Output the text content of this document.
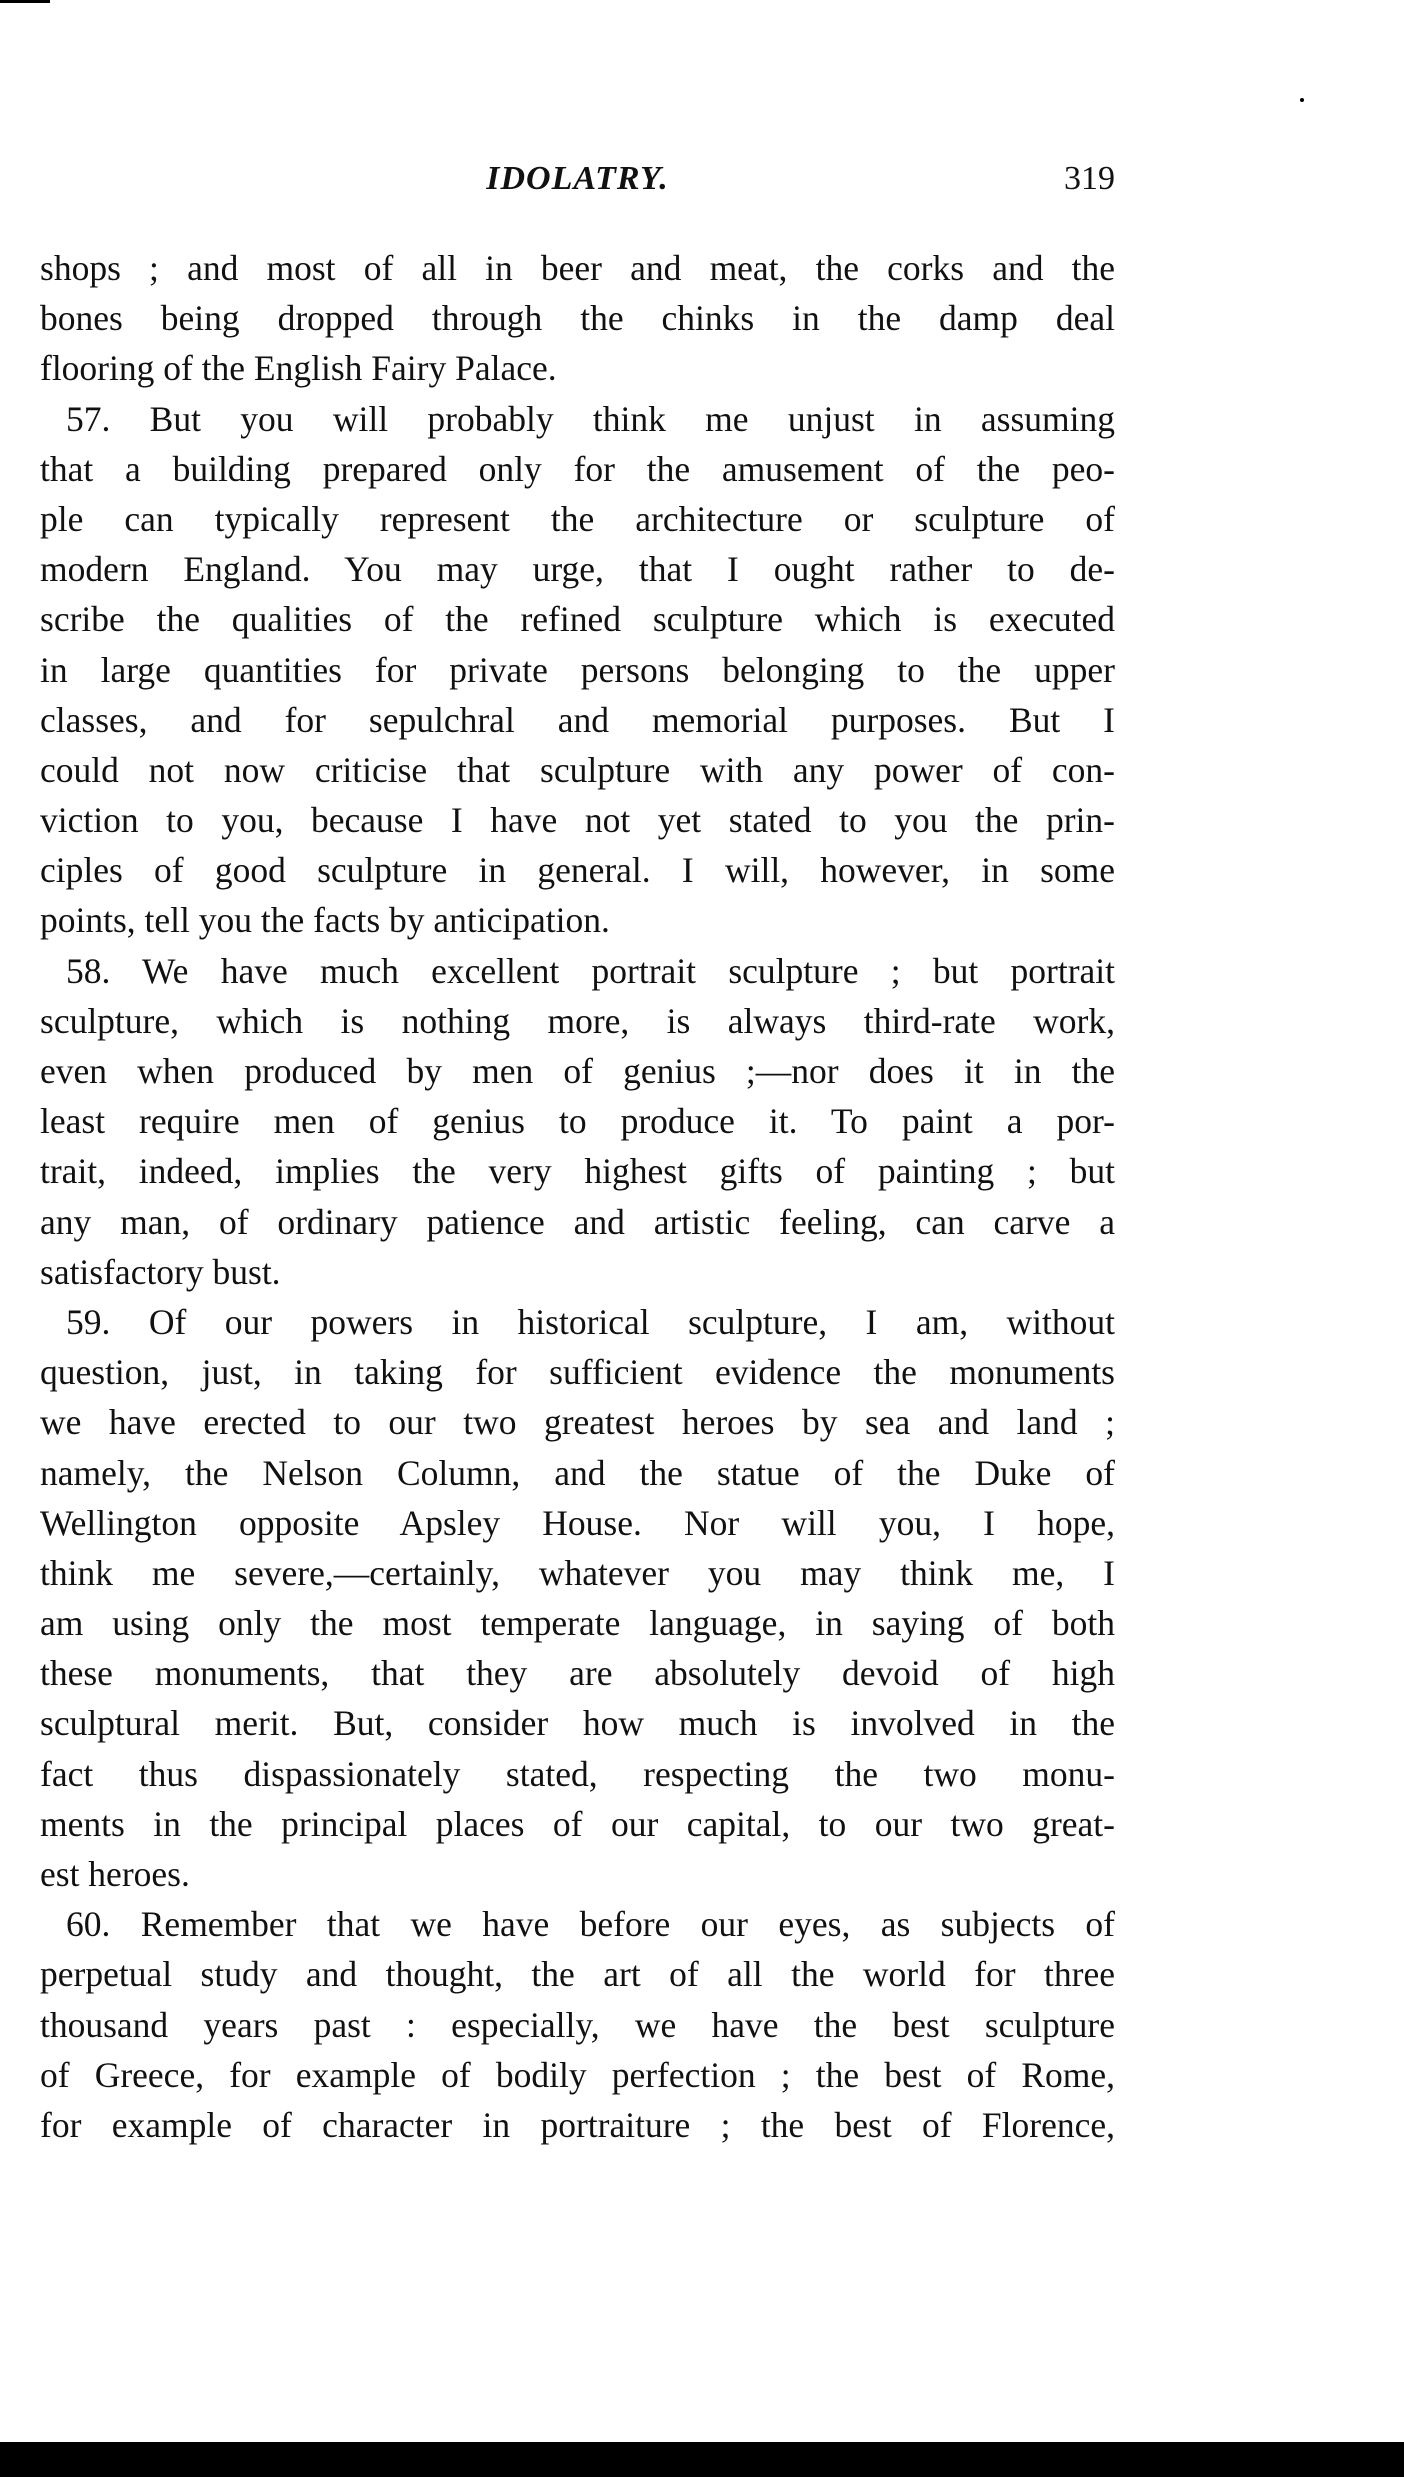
IDOLATRY.	319
shops ; and most of all in beer and meat, the corks and the
bones being dropped through the chinks in the damp deal
flooring of the English Fairy Palace.
57. But you will probably think me unjust in assuming
that a building prepared only for the amusement of the peo-
ple can typically represent the architecture or sculpture of
modern England. You may urge, that I ought rather to de-
scribe the qualities of the refined sculpture which is executed
in large quantities for private persons belonging to the upper
classes, and for sepulchral and memorial purposes. But I
could not now criticise that sculpture with any power of con-
viction to you, because I have not yet stated to you the prin-
ciples of good sculpture in general. I will, however, in some
points, tell you the facts by anticipation.
58. We have much excellent portrait sculpture ; but portrait
sculpture, which is nothing more, is always third-rate work,
even when produced by men of genius ;—nor does it in the
least require men of genius to produce it. To paint a por-
trait, indeed, implies the very highest gifts of painting ; but
any man, of ordinary patience and artistic feeling, can carve a
satisfactory bust.
59. Of our powers in historical sculpture, I am, without
question, just, in taking for sufficient evidence the monuments
we have erected to our two greatest heroes by sea and land ;
namely, the Nelson Column, and the statue of the Duke of
Wellington opposite Apsley House. Nor will you, I hope,
think me severe,—certainly, whatever you may think me, I
am using only the most temperate language, in saying of both
these monuments, that they are absolutely devoid of high
sculptural merit. But, consider how much is involved in the
fact thus dispassionately stated, respecting the two monu-
ments in the principal places of our capital, to our two great-
est heroes.
60. Remember that we have before our eyes, as subjects of
perpetual study and thought, the art of all the world for three
thousand years past : especially, we have the best sculpture
of Greece, for example of bodily perfection ; the best of Rome,
for example of character in portraiture ; the best of Florence,
